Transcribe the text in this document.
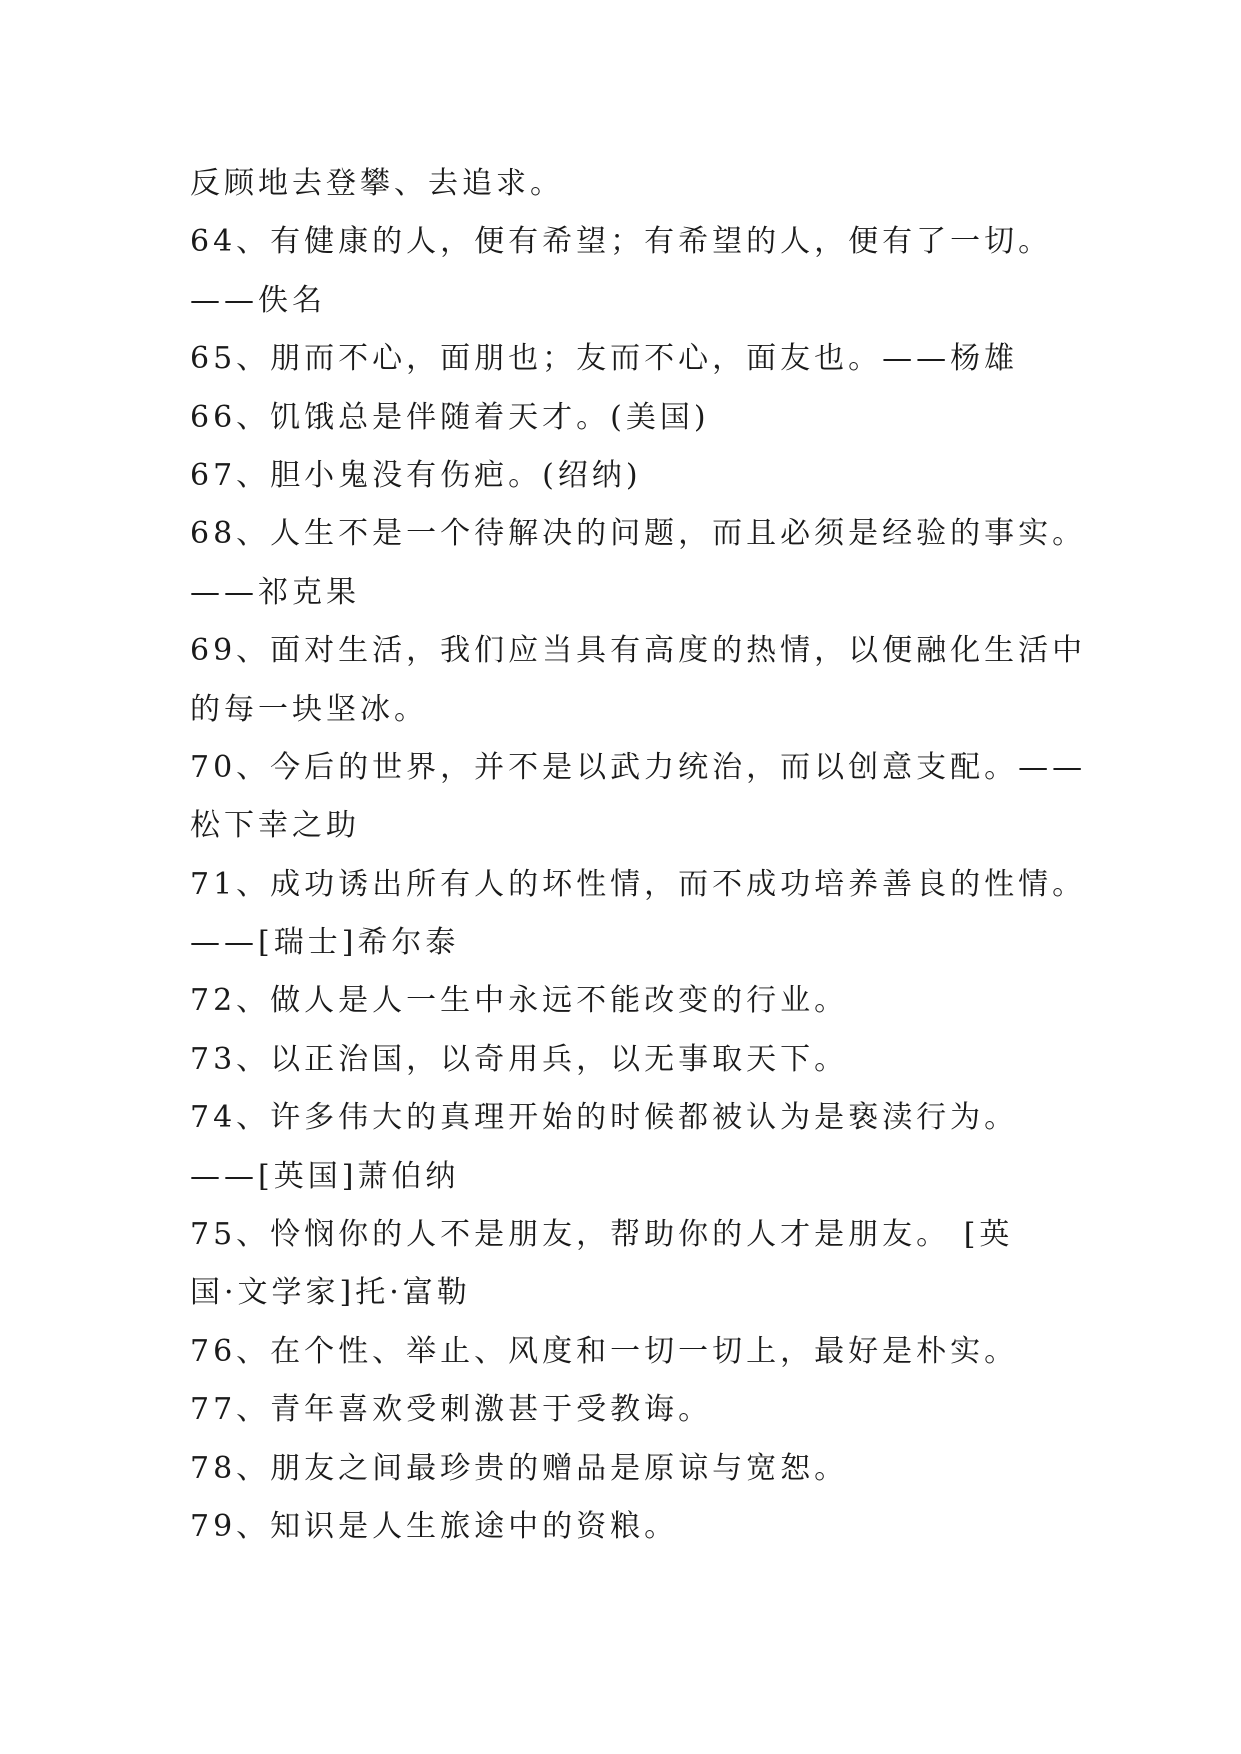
反顾地去登攀、去追求。
64、有健康的人，便有希望；有希望的人，便有了一切。
——佚名
65、朋而不心，面朋也；友而不心，面友也。——杨雄
66、饥饿总是伴随着天才。(美国)
67、胆小鬼没有伤疤。(绍纳)
68、人生不是一个待解决的问题，而且必须是经验的事实。
——祁克果
69、面对生活，我们应当具有高度的热情，以便融化生活中
的每一块坚冰。
70、今后的世界，并不是以武力统治，而以创意支配。——
松下幸之助
71、成功诱出所有人的坏性情，而不成功培养善良的性情。
——[瑞士]希尔泰
72、做人是人一生中永远不能改变的行业。
73、以正治国，以奇用兵，以无事取天下。
74、许多伟大的真理开始的时候都被认为是亵渎行为。
——[英国]萧伯纳
75、怜悯你的人不是朋友，帮助你的人才是朋友。 [英
国·文学家]托·富勒
76、在个性、举止、风度和一切一切上，最好是朴实。
77、青年喜欢受刺激甚于受教诲。
78、朋友之间最珍贵的赠品是原谅与宽恕。
79、知识是人生旅途中的资粮。
